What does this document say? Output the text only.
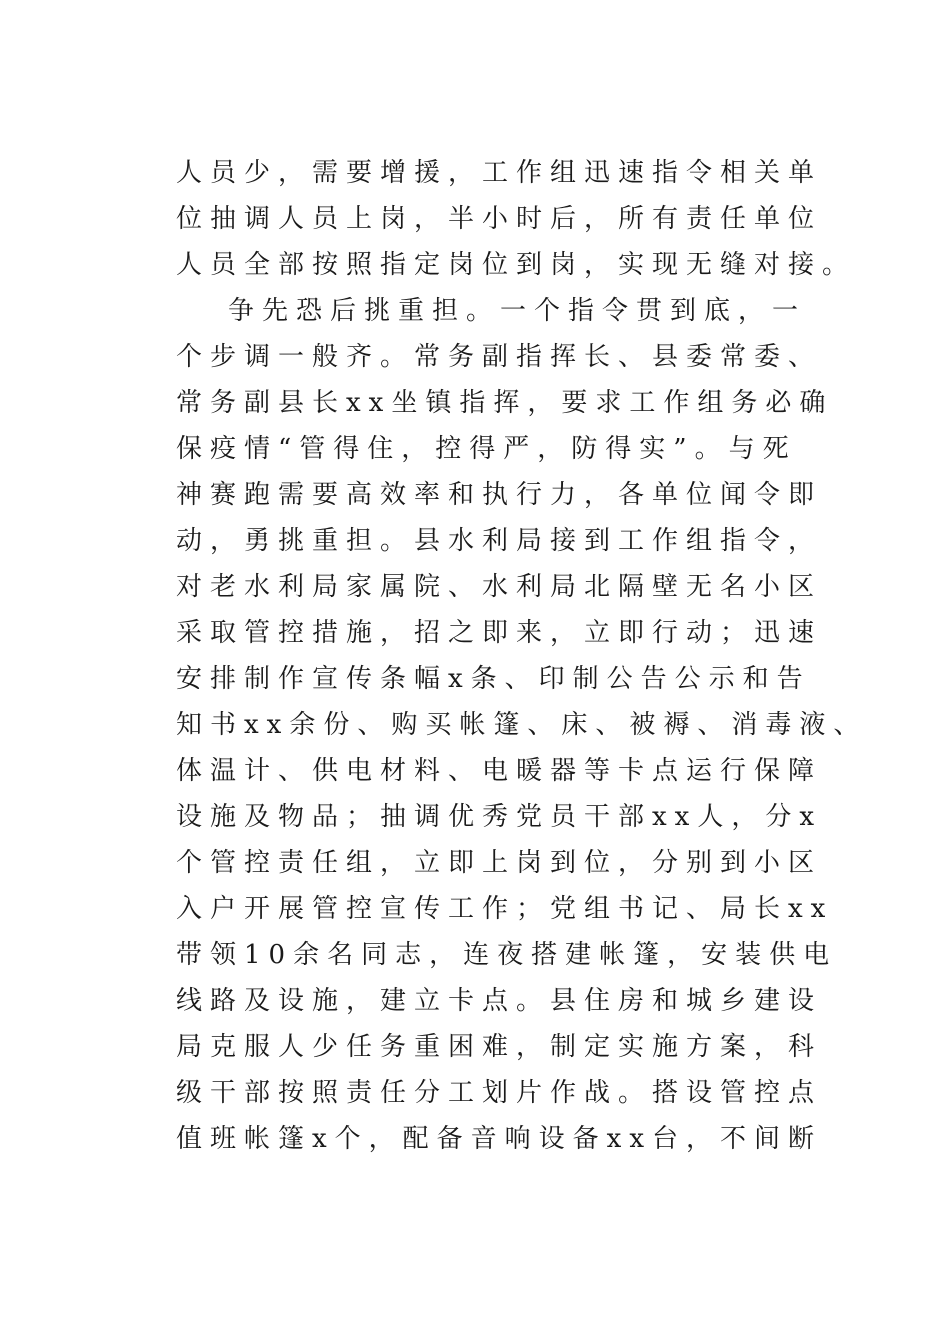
人员少，需要增援，工作组迅速指令相关单
位抽调人员上岗，半小时后，所有责任单位
人员全部按照指定岗位到岗，实现无缝对接。
争先恐后挑重担。一个指令贯到底，一
个步调一般齐。常务副指挥长、县委常委、
常务副县长xx坐镇指挥，要求工作组务必确
保疫情“管得住，控得严，防得实”。与死
神赛跑需要高效率和执行力，各单位闻令即
动，勇挑重担。县水利局接到工作组指令，
对老水利局家属院、水利局北隔壁无名小区
采取管控措施，招之即来，立即行动；迅速
安排制作宣传条幅x条、印制公告公示和告
知书xx余份、购买帐篷、床、被褥、消毒液、
体温计、供电材料、电暖器等卡点运行保障
设施及物品；抽调优秀党员干部xx人，分x
个管控责任组，立即上岗到位，分别到小区
入户开展管控宣传工作；党组书记、局长xx
带领10余名同志，连夜搭建帐篷，安装供电
线路及设施，建立卡点。县住房和城乡建设
局克服人少任务重困难，制定实施方案，科
级干部按照责任分工划片作战。搭设管控点
值班帐篷x个，配备音响设备xx台，不间断
